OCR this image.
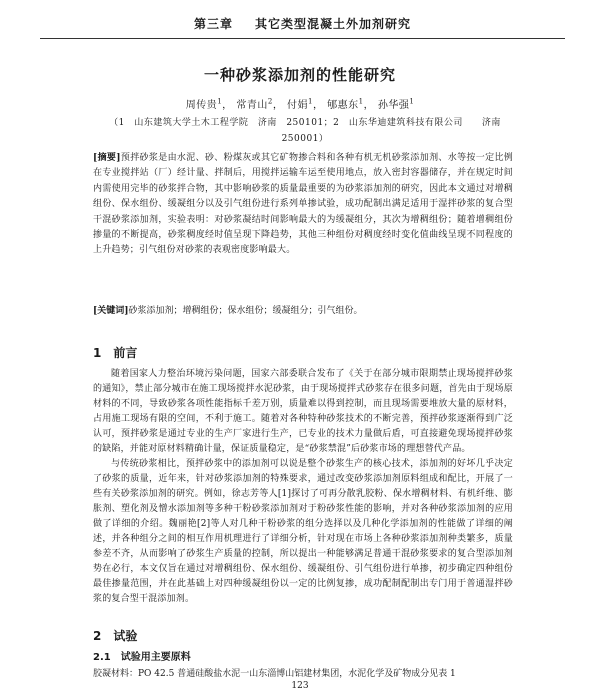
第三章 其它类型混凝土外加剂研究
一种砂浆添加剂的性能研究
周传贵$^1$， 常青山$^2$， 付娟$^1$， 郇惠东$^1$， 孙华强$^1$
（1　山东建筑大学土木工程学院　济南　250101；2　山东华迪建筑科技有限公司　　济南
250001）
[摘要]预拌砂浆是由水泥、砂、粉煤灰或其它矿物掺合料和各种有机无机砂浆添加剂、水等按一定比例在专业搅拌站（厂）经计量、拌制后，用搅拌运输车运至使用地点，放入密封容器储存，并在规定时间内需使用完毕的砂浆拌合物，其中影响砂浆的质量最重要的为砂浆添加剂的研究，因此本文通过对增稠组份、保水组份、缓凝组分以及引气组份进行系列单掺试验，成功配制出满足适用于湿拌砂浆的复合型干混砂浆添加剂，实验表明：对砂浆凝结时间影响最大的为缓凝组分，其次为增稠组份；随着增稠组份掺量的不断提高，砂浆稠度经时值呈现下降趋势，其他三种组份对稠度经时变化值曲线呈现不同程度的上升趋势；引气组份对砂浆的表观密度影响最大。
[关键词]砂浆添加剂；增稠组份；保水组份；缓凝组分；引气组份。
1　前言
随着国家人力整治环境污染问题，国家六部委联合发布了《关于在部分城市限期禁止现场搅拌砂浆的通知》，禁止部分城市在施工现场搅拌水泥砂浆，由于现场搅拌式砂浆存在很多问题，首先由于现场原材料的不同，导致砂浆各项性能指标千差万别，质量难以得到控制，而且现场需要堆放大量的原材料，占用施工现场有限的空间，不利于施工。随着对各种特种砂浆技术的不断完善，预拌砂浆逐渐得到广泛认可，预拌砂浆是通过专业的生产厂家进行生产，已专业的技术力量做后盾，可直接避免现场搅拌砂浆的缺陷，并能对原材料精确计量，保证质量稳定，是“砂浆禁混”后砂浆市场的理想替代产品。
与传统砂浆相比，预拌砂浆中的添加剂可以说是整个砂浆生产的核心技术，添加剂的好坏几乎决定了砂浆的质量，近年来，针对砂浆添加剂的特殊要求，通过改变砂浆添加剂原料组成和配比，开展了一些有关砂浆添加剂的研究。例如，徐志芳等人[1]探讨了可再分散乳胶粉、保水增稠材料、有机纤维、膨胀剂、塑化剂及憎水添加剂等多种干粉砂浆添加剂对于粉砂浆性能的影响，并对各种砂浆添加剂的应用做了详细的介绍。魏丽艳[2]等人对几种干粉砂浆的组分选择以及几种化学添加剂的性能做了详细的阐述，并各种组分之间的相互作用机理进行了详细分析，针对现在市场上各种砂浆添加剂种类繁多，质量参差不齐，从而影响了砂浆生产质量的控制，所以提出一种能够满足普通干混砂浆要求的复合型添加剂势在必行，本文仅旨在通过对增稠组份、保水组份、缓凝组份、引气组份进行单掺，初步确定四种组份最佳掺量范围，并在此基础上对四种缓凝组份以一定的比例复掺，成功配制配制出专门用于普通湿拌砂浆的复合型干混添加剂。
2　试验
2.1　试验用主要原料
胶凝材料：PO 42.5 普通硅酸盐水泥一山东淄博山铝建材集团，水泥化学及矿物成分见表 1
123
